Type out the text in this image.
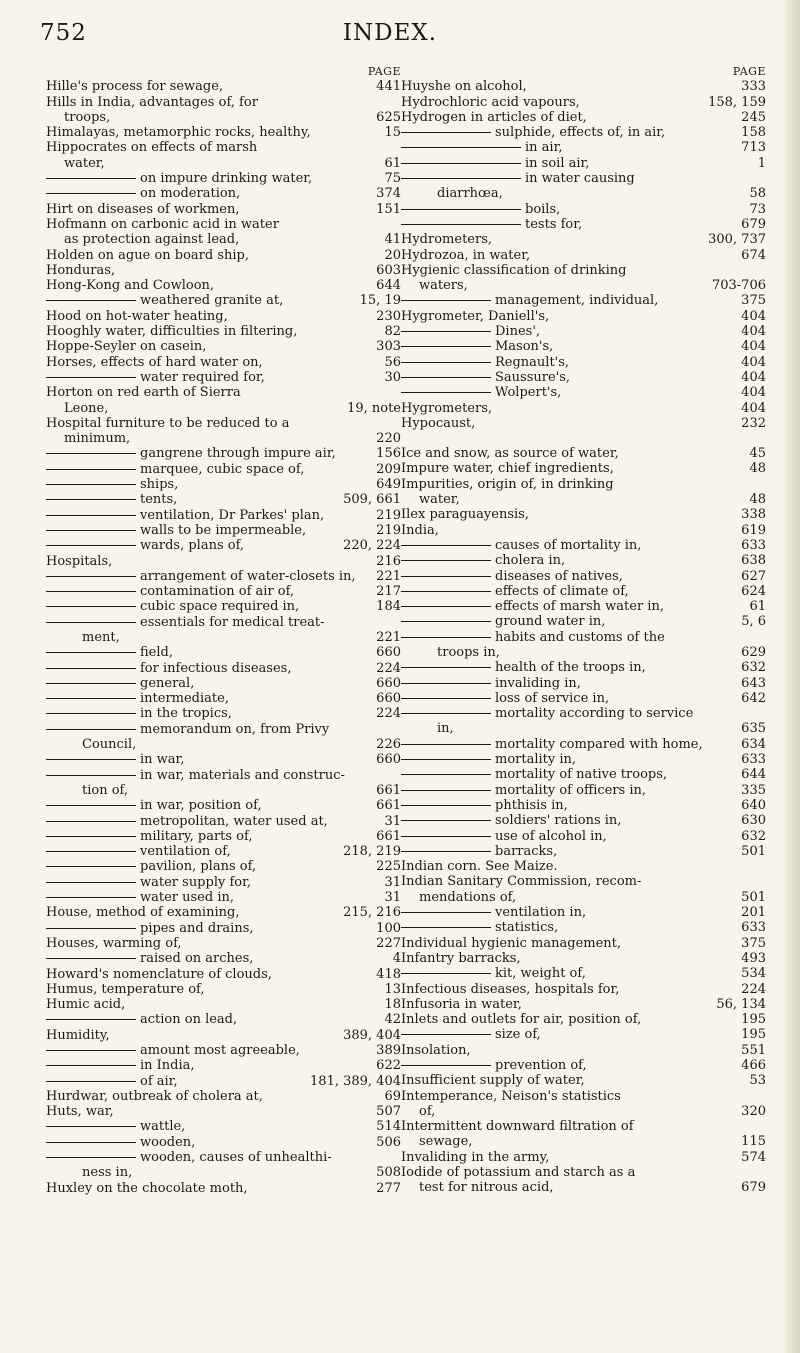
752	INDEX.
PAGE
Hille's process for sewage,	441
Hills in India, advantages of, for
troops,	625
Himalayas, metamorphic rocks, healthy,	15
Hippocrates on effects of marsh
water,	61
on impure drinking water,	75
on moderation,	374
Hirt on diseases of workmen,	151
Hofmann on carbonic acid in water
as protection against lead,	41
Holden on ague on board ship,	20
Honduras,	603
Hong-Kong and Cowloon,	644
weathered granite at,	15, 19
Hood on hot-water heating,	230
Hooghly water, difficulties in filtering,	82
Hoppe-Seyler on casein,	303
Horses, effects of hard water on,	56
water required for,	30
Horton on red earth of Sierra
Leone,	19, note
Hospital furniture to be reduced to a
minimum,	220
gangrene through impure air,	156
marquee, cubic space of,	209
ships,	649
tents,	509, 661
ventilation, Dr Parkes' plan,	219
walls to be impermeable,	219
wards, plans of,	220, 224
Hospitals,	216
arrangement of water-closets in, 221
contamination of air of,	217
cubic space required in,	184
essentials for medical treat-
ment,	221
field,	660
for infectious diseases,	224
general,	660
intermediate,	660
in the tropics,	224
memorandum on, from Privy
Council,	226
in war,	660
in war, materials and construc-
tion of,	661
in war, position of,	661
metropolitan, water used at,	31
military, parts of,	661
ventilation of,	218, 219
pavilion, plans of,	225
water supply for,	31
water used in,	31
House, method of examining,	215, 216
pipes and drains,	100
Houses, warming of,	227
raised on arches,	4
Howard's nomenclature of clouds,	418
Humus, temperature of,	13
Humic acid,	18
action on lead,	42
Humidity,	389, 404
amount most agreeable,	389
in India,	622
of air,	181, 389, 404
Hurdwar, outbreak of cholera at,	69
Huts, war,	507
wattle,	514
wooden,	506
wooden, causes of unhealthi-
ness in,	508
Huxley on the chocolate moth,	277
PAGE
Huyshe on alcohol,	333
Hydrochloric acid vapours,	158, 159
Hydrogen in articles of diet,	245
sulphide, effects of, in air,	158
in air,	713
in soil air,	1
in water causing
diarrhœa,	58
boils,	73
tests for,	679
Hydrometers,	300, 737
Hydrozoa, in water,	674
Hygienic classification of drinking
waters,	703-706
management, individual,	375
Hygrometer, Daniell's,	404
Dines',	404
Mason's,	404
Regnault's,	404
Saussure's,	404
Wolpert's,	404
Hygrometers,	404
Hypocaust,	232
Ice and snow, as source of water,	45
Impure water, chief ingredients,	48
Impurities, origin of, in drinking
water,	48
Ilex paraguayensis,	338
India,	619
causes of mortality in,	633
cholera in,	638
diseases of natives,	627
effects of climate of,	624
effects of marsh water in,	61
ground water in,	5, 6
habits and customs of the
troops in,	629
health of the troops in,	632
invaliding in,	643
loss of service in,	642
mortality according to service
in,	635
mortality compared with home,	634
mortality in,	633
mortality of native troops,	644
mortality of officers in,	335
phthisis in,	640
soldiers' rations in,	630
use of alcohol in,	632
barracks,	501
Indian corn. See Maize.
Indian Sanitary Commission, recom-
mendations of,	501
ventilation in,	201
statistics,	633
Individual hygienic management,	375
Infantry barracks,	493
kit, weight of,	534
Infectious diseases, hospitals for,	224
Infusoria in water,	56, 134
Inlets and outlets for air, position of,	195
size of,	195
Insolation,	551
prevention of,	466
Insufficient supply of water,	53
Intemperance, Neison's statistics
of,	320
Intermittent downward filtration of
sewage,	115
Invaliding in the army,	574
Iodide of potassium and starch as a
test for nitrous acid,	679
